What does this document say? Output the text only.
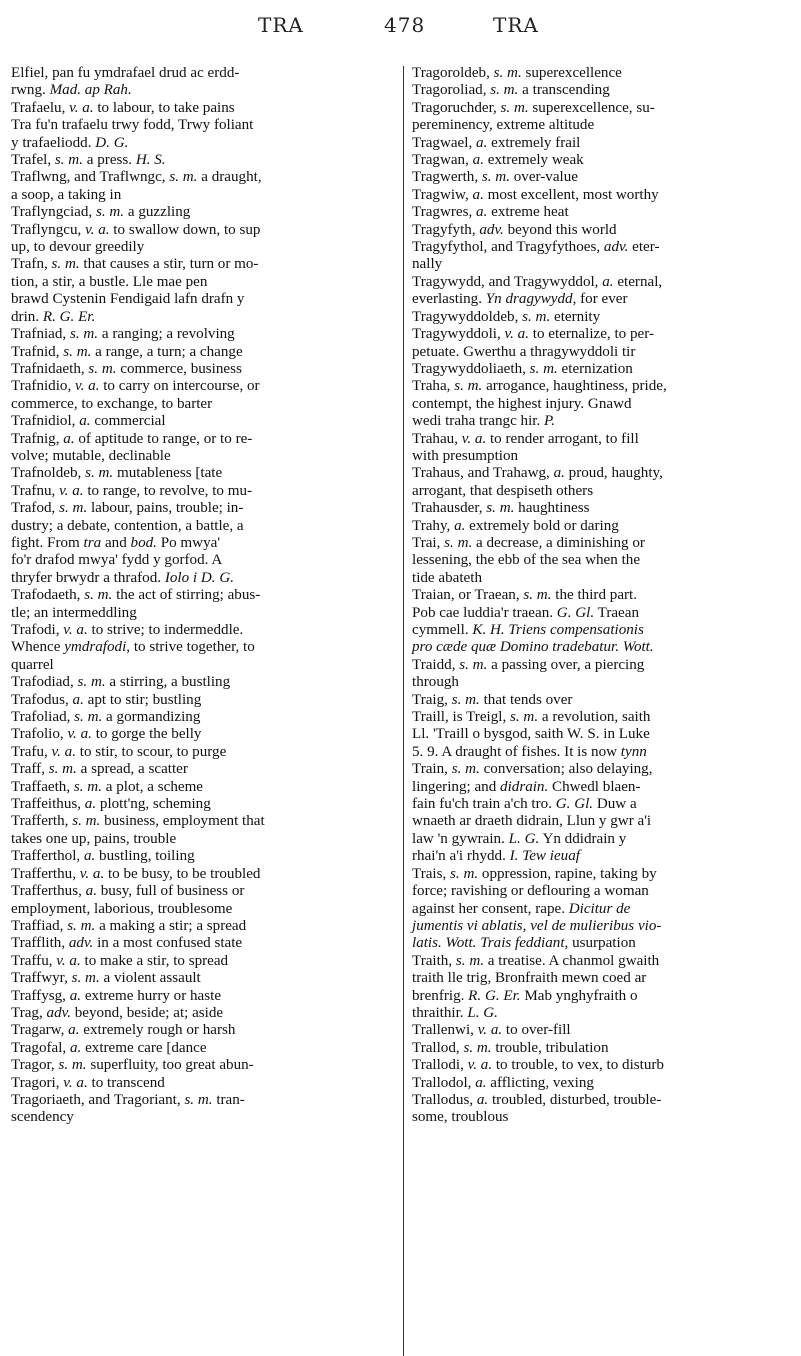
TRA	478	TRA

Elfiel, pan fu ymdrafael drud ac erdd-

rwng. Mad. ap Rah.

Trafaelu, v. a. to labour, to take pains

Tra fu'n trafaelu trwy fodd, Trwy foliant

y trafaeliodd. D. G.

Trafel, s. m. a press. H. S.

Traflwng, and Traflwngc, s. m. a draught,

a soop, a taking in

Traflyngciad, s. m. a guzzling

Traflyngcu, v. a. to swallow down, to sup

up, to devour greedily

Trafn, s. m. that causes a stir, turn or mo-

tion, a stir, a bustle. Lle mae pen

brawd Cystenin Fendigaid lafn drafn y

drin. R. G. Er.

Trafniad, s. m. a ranging; a revolving

Trafnid, s. m. a range, a turn; a change

Trafnidaeth, s. m. commerce, business

Trafnidio, v. a. to carry on intercourse, or

commerce, to exchange, to barter

Trafnidiol, a. commercial

Trafnig, a. of aptitude to range, or to re-

volve; mutable, declinable

Trafnoldeb, s. m. mutableness [tate

Trafnu, v. a. to range, to revolve, to mu-

Trafod, s. m. labour, pains, trouble; in-

dustry; a debate, contention, a battle, a

fight. From tra and bod. Po mwya'

fo'r drafod mwya' fydd y gorfod. A

thryfer brwydr a thrafod. Iolo i D. G.

Trafodaeth, s. m. the act of stirring; abus-

tle; an intermeddling

Trafodi, v. a. to strive; to indermeddle.

Whence ymdrafodi, to strive together, to

quarrel

Trafodiad, s. m. a stirring, a bustling

Trafodus, a. apt to stir; bustling

Trafoliad, s. m. a gormandizing

Trafolio, v. a. to gorge the belly

Trafu, v. a. to stir, to scour, to purge

Traff, s. m. a spread, a scatter

Traffaeth, s. m. a plot, a scheme

Traffeithus, a. plott'ng, scheming

Trafferth, s. m. business, employment that

takes one up, pains, trouble

Trafferthol, a. bustling, toiling

Trafferthu, v. a. to be busy, to be troubled

Trafferthus, a. busy, full of business or

employment, laborious, troublesome

Traffiad, s. m. a making a stir; a spread

Trafflith, adv. in a most confused state

Traffu, v. a. to make a stir, to spread

Traffwyr, s. m. a violent assault

Traffysg, a. extreme hurry or haste

Trag, adv. beyond, beside; at; aside

Tragarw, a. extremely rough or harsh

Tragofal, a. extreme care [dance

Tragor, s. m. superfluity, too great abun-

Tragori, v. a. to transcend

Tragoriaeth, and Tragoriant, s. m. tran-

scendency

Tragoroldeb, s. m. superexcellence

Tragoroliad, s. m. a transcending

Tragoruchder, s. m. superexcellence, su-

pereminency, extreme altitude

Tragwael, a. extremely frail

Tragwan, a. extremely weak

Tragwerth, s. m. over-value

Tragwiw, a. most excellent, most worthy

Tragwres, a. extreme heat

Tragyfyth, adv. beyond this world

Tragyfythol, and Tragyfythoes, adv. eter-

nally

Tragywydd, and Tragywyddol, a. eternal,

everlasting. Yn dragywydd, for ever

Tragywyddoldeb, s. m. eternity

Tragywyddoli, v. a. to eternalize, to per-

petuate. Gwerthu a thragywyddoli tir

Tragywyddoliaeth, s. m. eternization

Traha, s. m. arrogance, haughtiness, pride,

contempt, the highest injury. Gnawd

wedi traha trangc hir. P.

Trahau, v. a. to render arrogant, to fill

with presumption

Trahaus, and Trahawg, a. proud, haughty,

arrogant, that despiseth others

Trahausder, s. m. haughtiness

Trahy, a. extremely bold or daring

Trai, s. m. a decrease, a diminishing or

lessening, the ebb of the sea when the

tide abateth

Traian, or Traean, s. m. the third part.

Pob cae luddia'r traean. G. Gl. Traean

cymmell. K. H. Triens compensationis

pro cæde quæ Domino tradebatur. Wott.

Traidd, s. m. a passing over, a piercing

through

Traig, s. m. that tends over

Traill, is Treigl, s. m. a revolution, saith

Ll. 'Traill o bysgod, saith W. S. in Luke

5. 9. A draught of fishes. It is now tynn

Train, s. m. conversation; also delaying,

lingering; and didrain. Chwedl blaen-

fain fu'ch train a'ch tro. G. Gl. Duw a

wnaeth ar draeth didrain, Llun y gwr a'i

law 'n gywrain. L. G. Yn ddidrain y

rhai'n a'i rhydd. I. Tew ieuaf

Trais, s. m. oppression, rapine, taking by

force; ravishing or deflouring a woman

against her consent, rape. Dicitur de

jumentis vi ablatis, vel de mulieribus vio-

latis. Wott. Trais feddiant, usurpation

Traith, s. m. a treatise. A chanmol gwaith

traith lle trig, Bronfraith mewn coed ar

brenfrig. R. G. Er. Mab ynghyfraith o

thraithir. L. G.

Trallenwi, v. a. to over-fill

Trallod, s. m. trouble, tribulation

Trallodi, v. a. to trouble, to vex, to disturb

Trallodol, a. afflicting, vexing

Trallodus, a. troubled, disturbed, trouble-

some, troublous
